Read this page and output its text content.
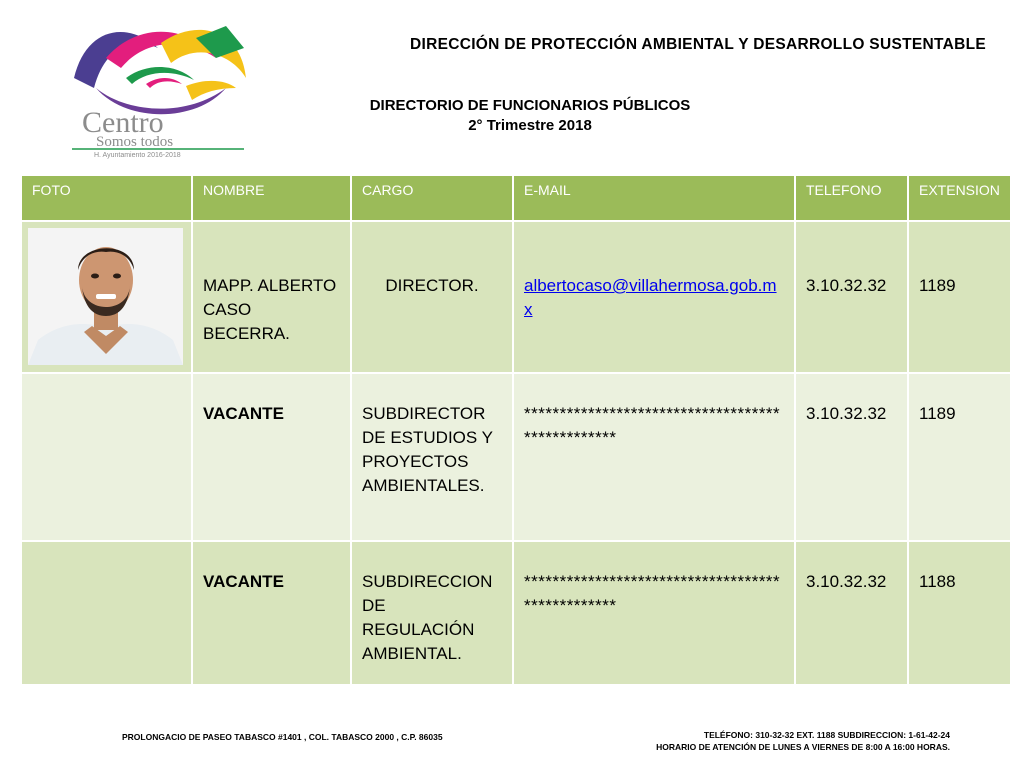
Centro
Somos todos
H. Ayuntamiento 2016-2018
DIRECCIÓN DE PROTECCIÓN AMBIENTAL Y DESARROLLO SUSTENTABLE
DIRECTORIO DE FUNCIONARIOS PÚBLICOS
2° Trimestre 2018
FOTO	NOMBRE	CARGO	E-MAIL	TELEFONO	EXTENSION

	MAPP. ALBERTO CASO BECERRA.	DIRECTOR.	albertocaso@villahermosa.gob.mx	3.10.32.32	1189
	VACANTE	SUBDIRECTOR DE ESTUDIOS Y PROYECTOS AMBIENTALES.	*************************************************	3.10.32.32	1189
	VACANTE	SUBDIRECCION DE REGULACIÓN AMBIENTAL.	*************************************************	3.10.32.32	1188
PROLONGACIO DE PASEO TABASCO #1401 , COL. TABASCO 2000 , C.P. 86035	TELÉFONO: 310-32-32 EXT. 1188 SUBDIRECCION: 1-61-42-24
HORARIO DE ATENCIÓN DE LUNES A VIERNES DE 8:00 A 16:00 HORAS.
